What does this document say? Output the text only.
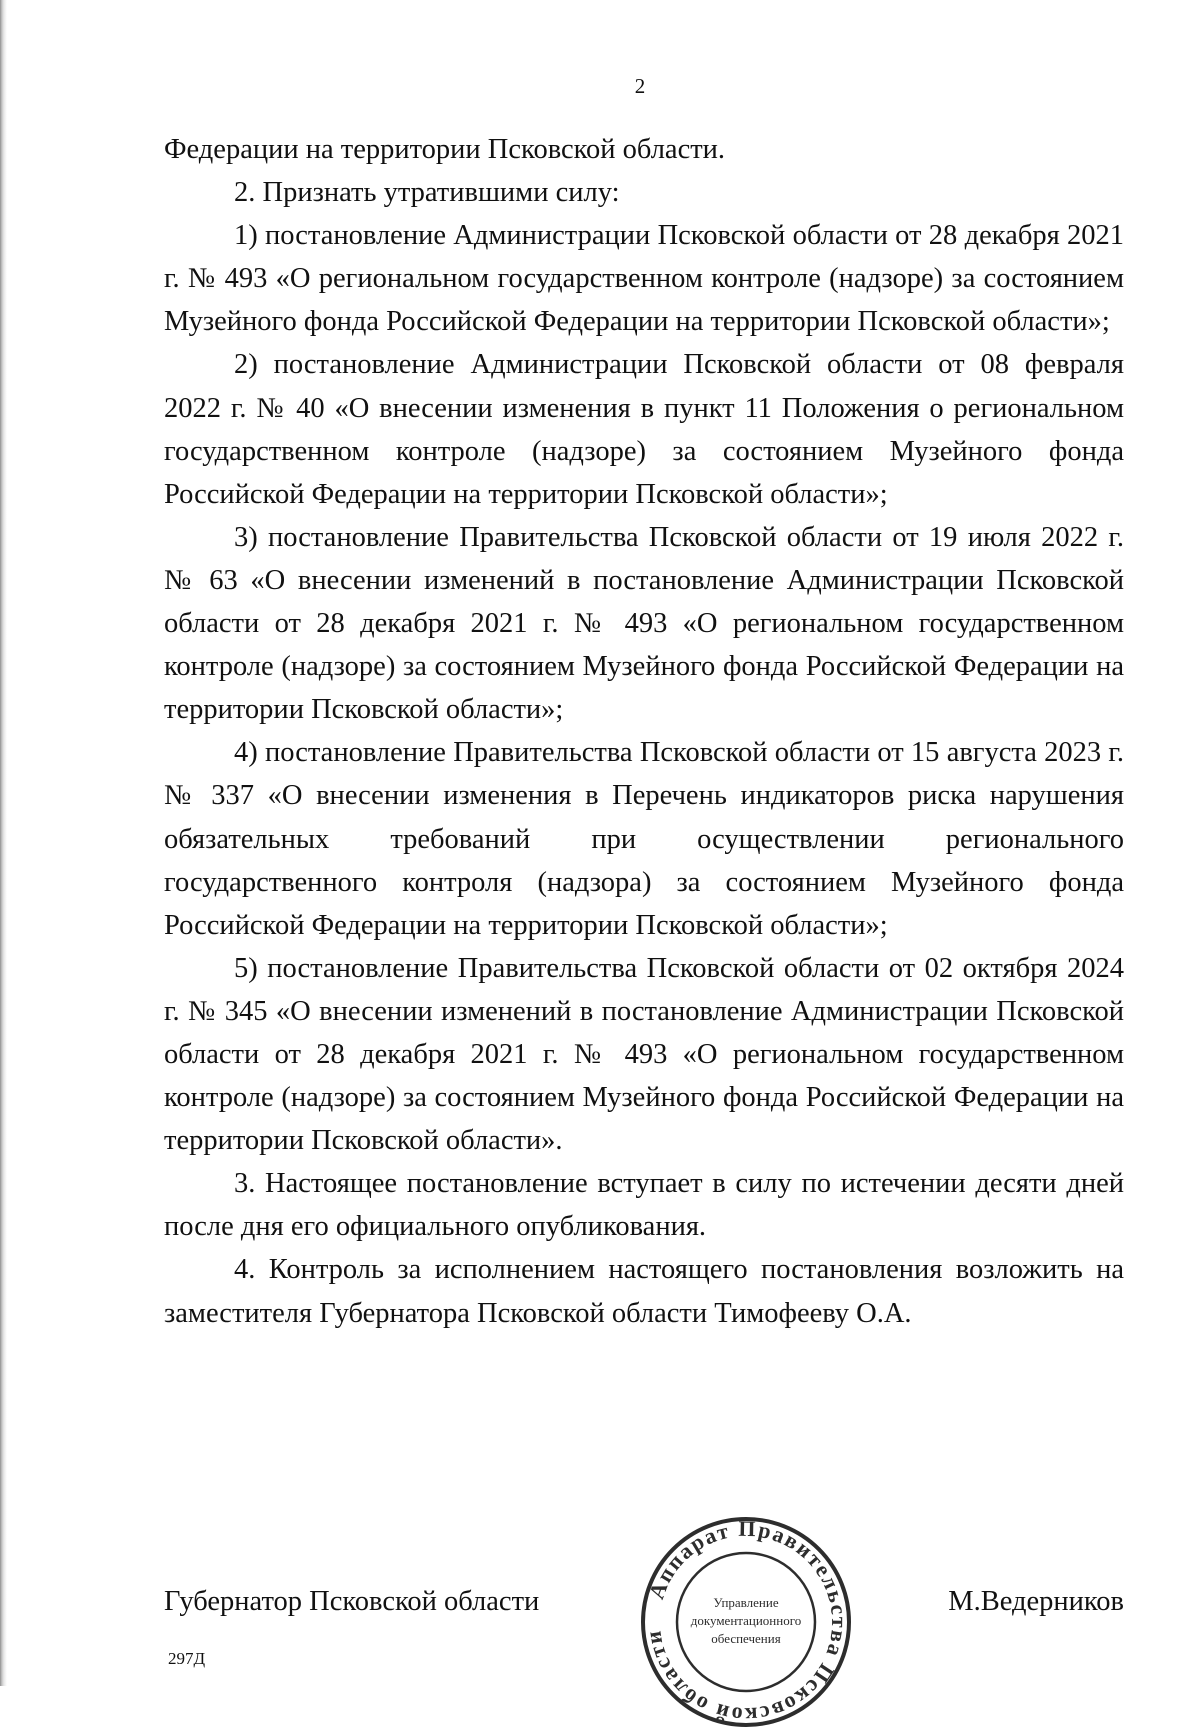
2

Федерации на территории Псковской области.

2. Признать утратившими силу:

1) постановление Администрации Псковской области от 28 декабря 2021 г. № 493 «О региональном государственном контроле (надзоре) за состоянием Музейного фонда Российской Федерации на территории Псковской области»;

2) постановление Администрации Псковской области от 08 февраля 2022 г. № 40 «О внесении изменения в пункт 11 Положения о региональном государственном контроле (надзоре) за состоянием Музейного фонда Российской Федерации на территории Псковской области»;

3) постановление Правительства Псковской области от 19 июля 2022 г. № 63 «О внесении изменений в постановление Администрации Псковской области от 28 декабря 2021 г. № 493 «О региональном государственном контроле (надзоре) за состоянием Музейного фонда Российской Федерации на территории Псковской области»;

4) постановление Правительства Псковской области от 15 августа 2023 г. № 337 «О внесении изменения в Перечень индикаторов риска нарушения обязательных требований при осуществлении регионального государственного контроля (надзора) за состоянием Музейного фонда Российской Федерации на территории Псковской области»;

5) постановление Правительства Псковской области от 02 октября 2024 г. № 345 «О внесении изменений в постановление Администрации Псковской области от 28 декабря 2021 г. № 493 «О региональном государственном контроле (надзоре) за состоянием Музейного фонда Российской Федерации на территории Псковской области».

3. Настоящее постановление вступает в силу по истечении десяти дней после дня его официального опубликования.

4. Контроль за исполнением настоящего постановления возложить на заместителя Губернатора Псковской области Тимофееву О.А.

Губернатор Псковской области	М.Ведерников
297Д
Аппарат Правительства Псковской области
Управление
документационного
обеспечения
